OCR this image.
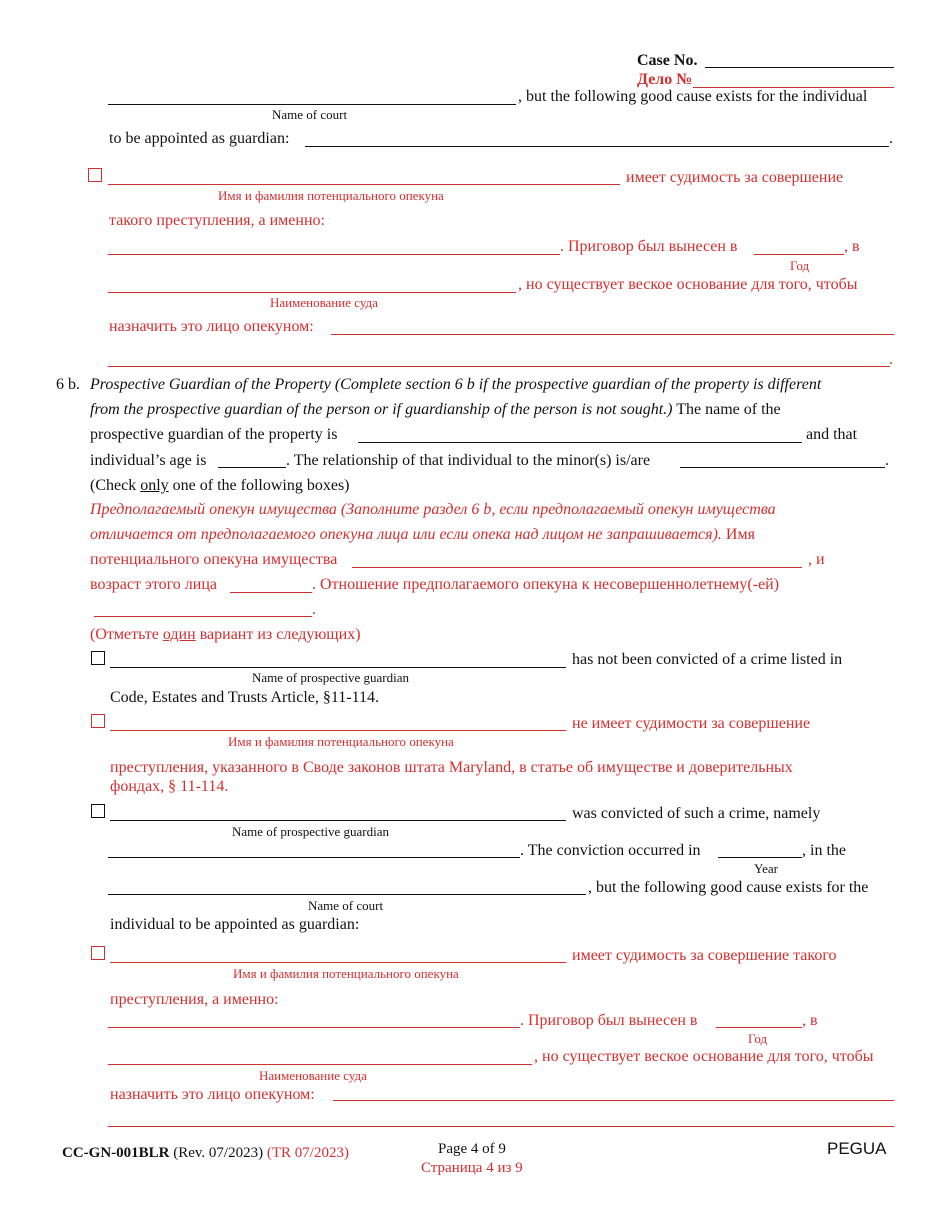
Case No.
Дело №
, but the following good cause exists for the individual
Name of court
to be appointed as guardian:	.
имеет судимость за совершение
Имя и фамилия потенциального опекуна
такого преступления, а именно:
. Приговор был вынесен в	, в
Год
, но существует веское основание для того, чтобы
Наименование суда
назначить это лицо опекуном:
.
6 b. Prospective Guardian of the Property (Complete section 6 b if the prospective guardian of the property is different
from the prospective guardian of the person or if guardianship of the person is not sought.) The name of the
prospective guardian of the property is	and that
individual’s age is	. The relationship of that individual to the minor(s) is/are	.
(Check only one of the following boxes)
Предполагаемый опекун имущества (Заполните раздел 6 b, если предполагаемый опекун имущества
отличается от предполагаемого опекуна лица или если опека над лицом не запрашивается). Имя
потенциального опекуна имущества	, и
возраст этого лица	. Отношение предполагаемого опекуна к несовершеннолетнему(-ей)
.
(Отметьте один вариант из следующих)
has not been convicted of a crime listed in
Name of prospective guardian
Code, Estates and Trusts Article, §11-114.
не имеет судимости за совершение
Имя и фамилия потенциального опекуна
преступления, указанного в Своде законов штата Maryland, в статье об имуществе и доверительных
фондах, § 11-114.
was convicted of such a crime, namely
Name of prospective guardian
. The conviction occurred in	, in the
Year
, but the following good cause exists for the
Name of court
individual to be appointed as guardian:
имеет судимость за совершение такого
Имя и фамилия потенциального опекуна
преступления, а именно:
. Приговор был вынесен в	, в
Год
, но существует веское основание для того, чтобы
Наименование суда
назначить это лицо опекуном:
CC-GN-001BLR (Rev. 07/2023) (TR 07/2023)	Page 4 of 9
Страница 4 из 9
PEGUA
